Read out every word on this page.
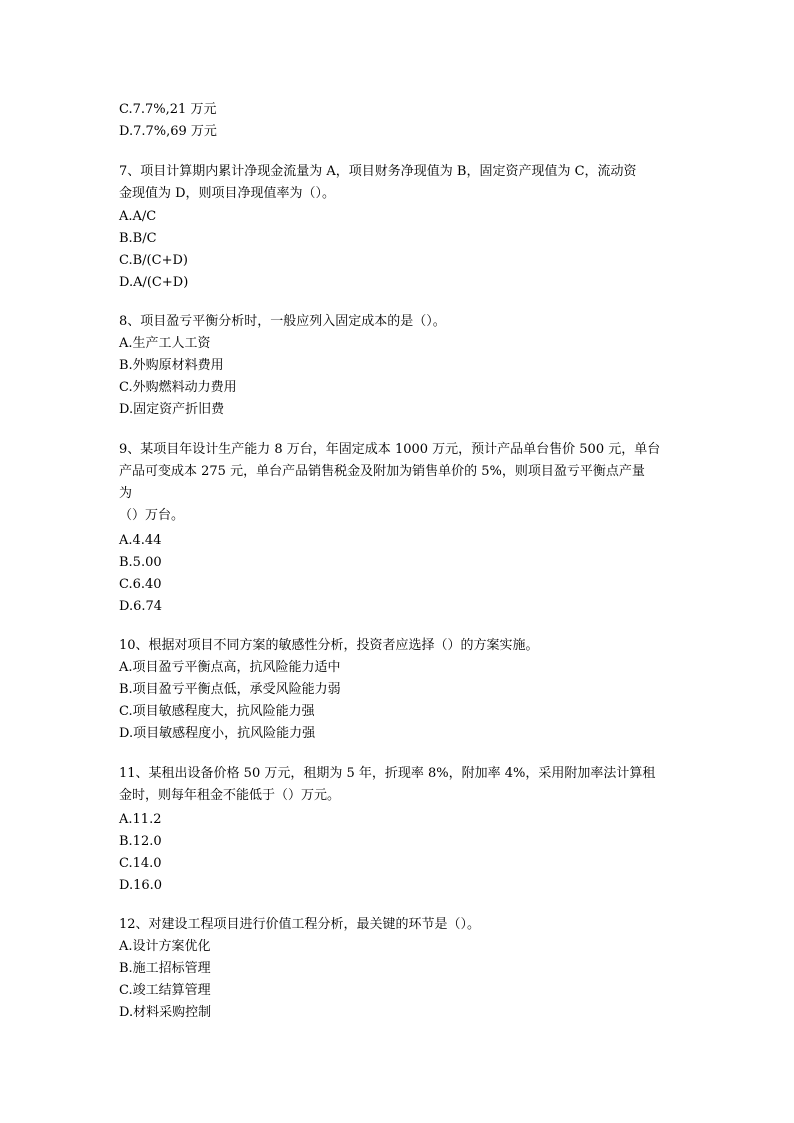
C.7.7%,21 万元
D.7.7%,69 万元
7、项目计算期内累计净现金流量为 A，项目财务净现值为 B，固定资产现值为 C，流动资
金现值为 D，则项目净现值率为（）。
A.A/C
B.B/C
C.B/(C+D)
D.A/(C+D)
8、项目盈亏平衡分析时，一般应列入固定成本的是（）。
A.生产工人工资
B.外购原材料费用
C.外购燃料动力费用
D.固定资产折旧费
9、某项目年设计生产能力 8 万台，年固定成本 1000 万元，预计产品单台售价 500 元，单台
产品可变成本 275 元，单台产品销售税金及附加为销售单价的 5%，则项目盈亏平衡点产量
为
（）万台。
A.4.44
B.5.00
C.6.40
D.6.74
10、根据对项目不同方案的敏感性分析，投资者应选择（）的方案实施。
A.项目盈亏平衡点高，抗风险能力适中
B.项目盈亏平衡点低，承受风险能力弱
C.项目敏感程度大，抗风险能力强
D.项目敏感程度小，抗风险能力强
11、某租出设备价格 50 万元，租期为 5 年，折现率 8%，附加率 4%，采用附加率法计算租
金时，则每年租金不能低于（）万元。
A.11.2
B.12.0
C.14.0
D.16.0
12、对建设工程项目进行价值工程分析，最关键的环节是（）。
A.设计方案优化
B.施工招标管理
C.竣工结算管理
D.材料采购控制
